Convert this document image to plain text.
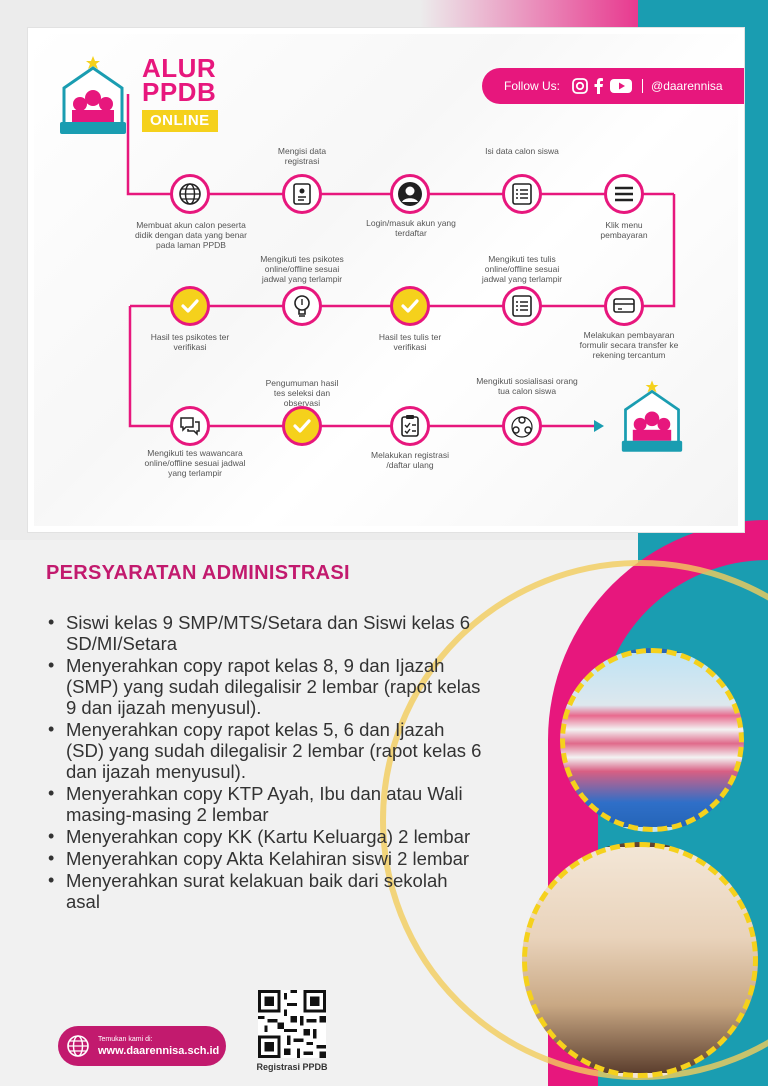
ALUR
PPDB
ONLINE
Follow Us:	@daarennisa
Membuat akun calon peserta didik dengan data yang benar pada laman PPDB
Mengisi data registrasi
Login/masuk akun yang terdaftar
Isi data calon siswa
Klik menu pembayaran
Melakukan pembayaran formulir secara transfer ke rekening tercantum
Mengikuti tes tulis online/offline sesuai jadwal yang terlampir
Hasil tes tulis ter verifikasi
Mengikuti tes psikotes online/offline sesuai jadwal yang terlampir
Hasil tes psikotes ter verifikasi
Mengikuti tes wawancara online/offline sesuai jadwal yang terlampir
Pengumuman hasil tes seleksi dan observasi
Melakukan registrasi /daftar ulang
Mengikuti sosialisasi orang tua calon siswa
PERSYARATAN ADMINISTRASI
• Siswi kelas 9 SMP/MTS/Setara dan Siswi kelas 6 SD/MI/Setara
• Menyerahkan copy rapot kelas 8, 9 dan Ijazah (SMP) yang sudah dilegalisir 2 lembar (rapot kelas 9 dan ijazah menyusul).
• Menyerahkan copy rapot kelas 5, 6 dan Ijazah (SD) yang sudah dilegalisir 2 lembar (rapot kelas 6 dan ijazah menyusul).
• Menyerahkan copy KTP Ayah, Ibu dan atau Wali masing-masing 2 lembar
• Menyerahkan copy KK (Kartu Keluarga) 2 lembar
• Menyerahkan copy Akta Kelahiran siswi 2 lembar
• Menyerahkan surat kelakuan baik dari sekolah asal
Temukan kami di:
www.daarennisa.sch.id
Registrasi PPDB
